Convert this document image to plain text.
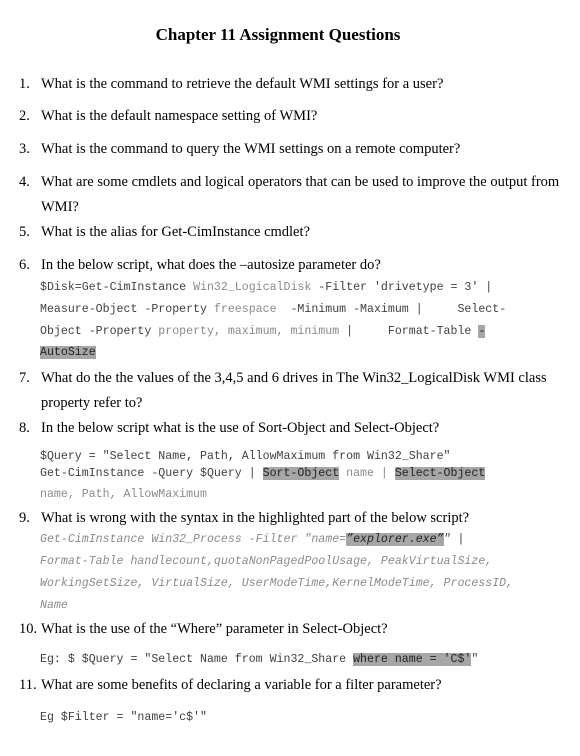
Chapter 11 Assignment Questions
1. What is the command to retrieve the default WMI settings for a user?
2. What is the default namespace setting of WMI?
3. What is the command to query the WMI settings on a remote computer?
4. What are some cmdlets and logical operators that can be used to improve the output from
WMI?
5. What is the alias for Get-CimInstance cmdlet?
6. In the below script, what does the –autosize parameter do?
$Disk=Get-CimInstance Win32_LogicalDisk -Filter 'drivetype = 3' |
Measure-Object -Property freespace  -Minimum -Maximum |     Select-
Object -Property property, maximum, minimum |     Format-Table -
AutoSize
7. What do the the values of the 3,4,5 and 6 drives in The Win32_LogicalDisk WMI class
property refer to?
8. In the below script what is the use of Sort-Object and Select-Object?
$Query = "Select Name, Path, AllowMaximum from Win32_Share"
Get-CimInstance -Query $Query | Sort-Object name | Select-Object
name, Path, AllowMaximum
9. What is wrong with the syntax in the highlighted part of the below script?
Get-CimInstance Win32_Process -Filter "name=”explorer.exe”" |
Format-Table handlecount,quotaNonPagedPoolUsage, PeakVirtualSize,
WorkingSetSize, VirtualSize, UserModeTime,KernelModeTime, ProcessID,
Name
10. What is the use of the “Where” parameter in Select-Object?
Eg: $ $Query = "Select Name from Win32_Share where name = 'C$'"
11. What are some benefits of declaring a variable for a filter parameter?
Eg $Filter = "name='c$'"
